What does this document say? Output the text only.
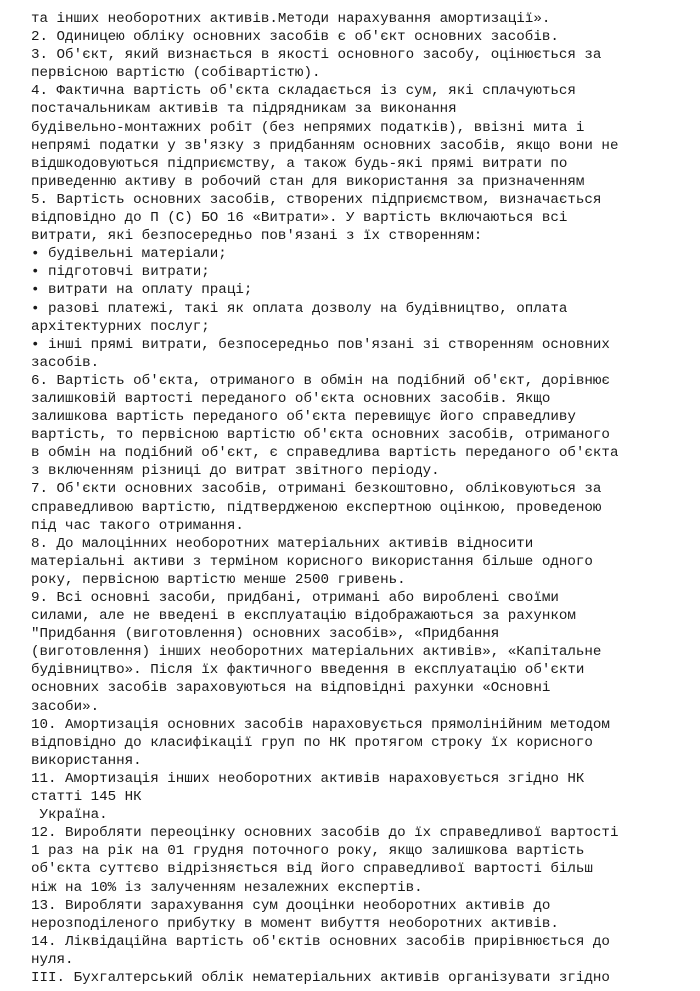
та інших необоротних активів.Методи нарахування амортизації».
2. Одиницею обліку основних засобів є об'єкт основних засобів.
3. Об'єкт, який визнається в якості основного засобу, оцінюється за
первісною вартістю (собівартістю).
4. Фактична вартість об'єкта складається із сум, які сплачуються
постачальникам активів та підрядникам за виконання
будівельно-монтажних робіт (без непрямих податків), ввізні мита і
непрямі податки у зв'язку з придбанням основних засобів, якщо вони не
відшкодовуються підприємству, а також будь-які прямі витрати по
приведенню активу в робочий стан для використання за призначенням
5. Вартість основних засобів, створених підприємством, визначається
відповідно до П (С) БО 16 «Витрати». У вартість включаються всі
витрати, які безпосередньо пов'язані з їх створенням:
• будівельні матеріали;
• підготовчі витрати;
• витрати на оплату праці;
• разові платежі, такі як оплата дозволу на будівництво, оплата
архітектурних послуг;
• інші прямі витрати, безпосередньо пов'язані зі створенням основних
засобів.
6. Вартість об'єкта, отриманого в обмін на подібний об'єкт, дорівнює
залишковій вартості переданого об'єкта основних засобів. Якщо
залишкова вартість переданого об'єкта перевищує його справедливу
вартість, то первісною вартістю об'єкта основних засобів, отриманого
в обмін на подібний об'єкт, є справедлива вартість переданого об'єкта
з включенням різниці до витрат звітного періоду.
7. Об'єкти основних засобів, отримані безкоштовно, обліковуються за
справедливою вартістю, підтвердженою експертною оцінкою, проведеною
під час такого отримання.
8. До малоцінних необоротних матеріальних активів відносити
матеріальні активи з терміном корисного використання більше одного
року, первісною вартістю менше 2500 гривень.
9. Всі основні засоби, придбані, отримані або вироблені своїми
силами, але не введені в експлуатацію відображаються за рахунком
"Придбання (виготовлення) основних засобів», «Придбання
(виготовлення) інших необоротних матеріальних активів», «Капітальне
будівництво». Після їх фактичного введення в експлуатацію об'єкти
основних засобів зараховуються на відповідні рахунки «Основні
засоби».
10. Амортизація основних засобів нараховується прямолінійним методом
відповідно до класифікації груп по НК протягом строку їх корисного
використання.
11. Амортизація інших необоротних активів нараховується згідно НК
статті 145 НК
Україна.
12. Виробляти переоцінку основних засобів до їх справедливої вартості
1 раз на рік на 01 грудня поточного року, якщо залишкова вартість
об'єкта суттєво відрізняється від його справедливої вартості більш
ніж на 10% із залученням незалежних експертів.
13. Виробляти зарахування сум дооцінки необоротних активів до
нерозподіленого прибутку в момент вибуття необоротних активів.
14. Ліквідаційна вартість об'єктів основних засобів прирівнюється до
нуля.
III. Бухгалтерський облік нематеріальних активів організувати згідно
